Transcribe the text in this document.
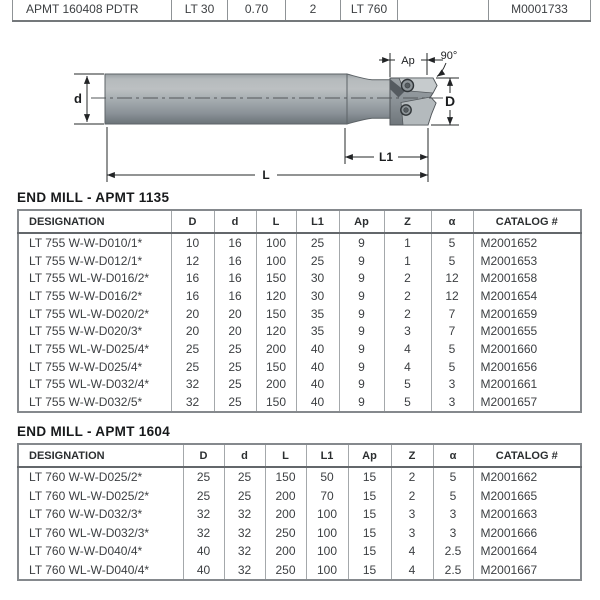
APMT 160408 PDTR	LT 30	0.70	2	LT 760		M0001733
d
Ap 90°
D
L1
L
END MILL - APMT 1135
DESIGNATION	D	d	L	L1	Ap	Z	α	CATALOG #
LT 755 W-W-D010/1*	10	16	100	25	9	1	5	M2001652
LT 755 W-W-D012/1*	12	16	100	25	9	1	5	M2001653
LT 755 WL-W-D016/2*	16	16	150	30	9	2	12	M2001658
LT 755 W-W-D016/2*	16	16	120	30	9	2	12	M2001654
LT 755 WL-W-D020/2*	20	20	150	35	9	2	7	M2001659
LT 755 W-W-D020/3*	20	20	120	35	9	3	7	M2001655
LT 755 WL-W-D025/4*	25	25	200	40	9	4	5	M2001660
LT 755 W-W-D025/4*	25	25	150	40	9	4	5	M2001656
LT 755 WL-W-D032/4*	32	25	200	40	9	5	3	M2001661
LT 755 W-W-D032/5*	32	25	150	40	9	5	3	M2001657
END MILL - APMT 1604
DESIGNATION	D	d	L	L1	Ap	Z	α	CATALOG #
LT 760 W-W-D025/2*	25	25	150	50	15	2	5	M2001662
LT 760 WL-W-D025/2*	25	25	200	70	15	2	5	M2001665
LT 760 W-W-D032/3*	32	32	200	100	15	3	3	M2001663
LT 760 WL-W-D032/3*	32	32	250	100	15	3	3	M2001666
LT 760 W-W-D040/4*	40	32	200	100	15	4	2.5	M2001664
LT 760 WL-W-D040/4*	40	32	250	100	15	4	2.5	M2001667
